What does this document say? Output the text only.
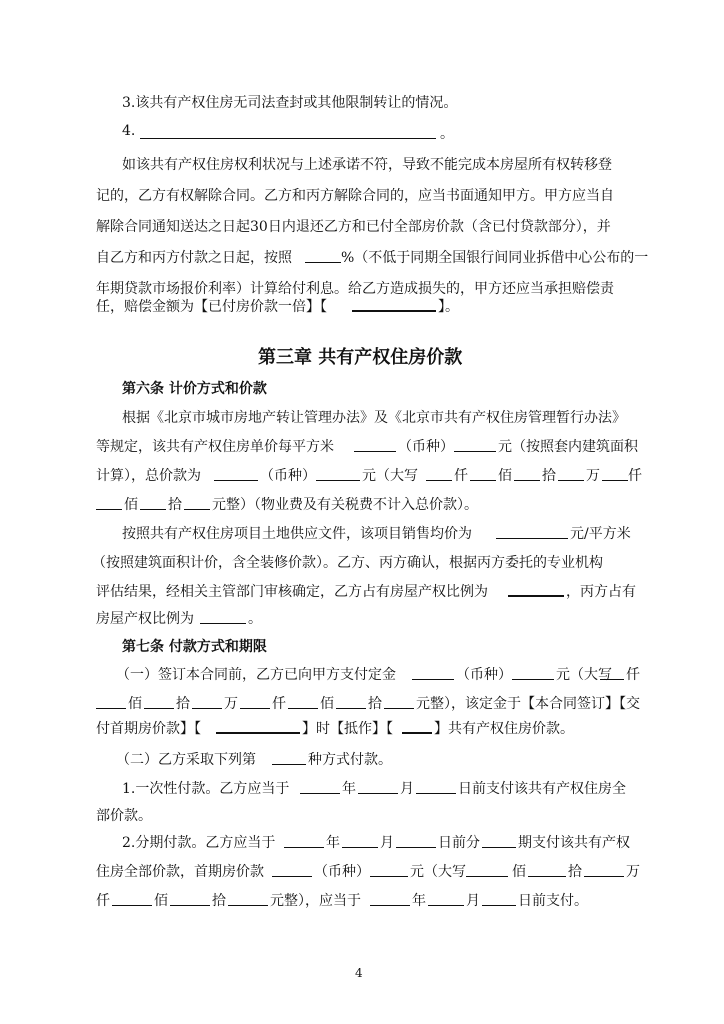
3.该共有产权住房无司法查封或其他限制转让的情况。
4.	。
如该共有产权住房权利状况与上述承诺不符，导致不能完成本房屋所有权转移登
记的，乙方有权解除合同。乙方和丙方解除合同的，应当书面通知甲方。甲方应当自
解除合同通知送达之日起30日内退还乙方和已付全部房价款（含已付贷款部分），并
自乙方和丙方付款之日起，按照	%（不低于同期全国银行间同业拆借中心公布的一
年期贷款市场报价利率）计算给付利息。给乙方造成损失的，甲方还应当承担赔偿责
任，赔偿金额为【已付房价款一倍】【	】。
第三章 共有产权住房价款
第六条 计价方式和价款
根据《北京市城市房地产转让管理办法》及《北京市共有产权住房管理暂行办法》
等规定，该共有产权住房单价每平方米	（币种）	元（按照套内建筑面积
计算），总价款为	（币种）	元（大写	仟 佰 拾 万 仟
佰 拾 元整）（物业费及有关税费不计入总价款）。
按照共有产权住房项目土地供应文件，该项目销售均价为	元/平方米
（按照建筑面积计价，含全装修价款）。乙方、丙方确认，根据丙方委托的专业机构
评估结果，经相关主管部门审核确定，乙方占有房屋产权比例为	，丙方占有
房屋产权比例为	。
第七条 付款方式和期限
（一）签订本合同前，乙方已向甲方支付定金	（币种）	元（大写 仟
佰 拾 万 仟 佰 拾 元整），该定金于【本合同签订】【交
付首期房价款】【	】时【抵作】【	】共有产权住房价款。
（二）乙方采取下列第	种方式付款。
1.一次性付款。乙方应当于	年	月	日前支付该共有产权住房全
部价款。
2.分期付款。乙方应当于	年	月	日前分	期支付该共有产权
住房全部价款，首期房价款	（币种）	元（大写	佰	拾	万
仟	佰	拾	元整），应当于	年	月	日前支付。
4
